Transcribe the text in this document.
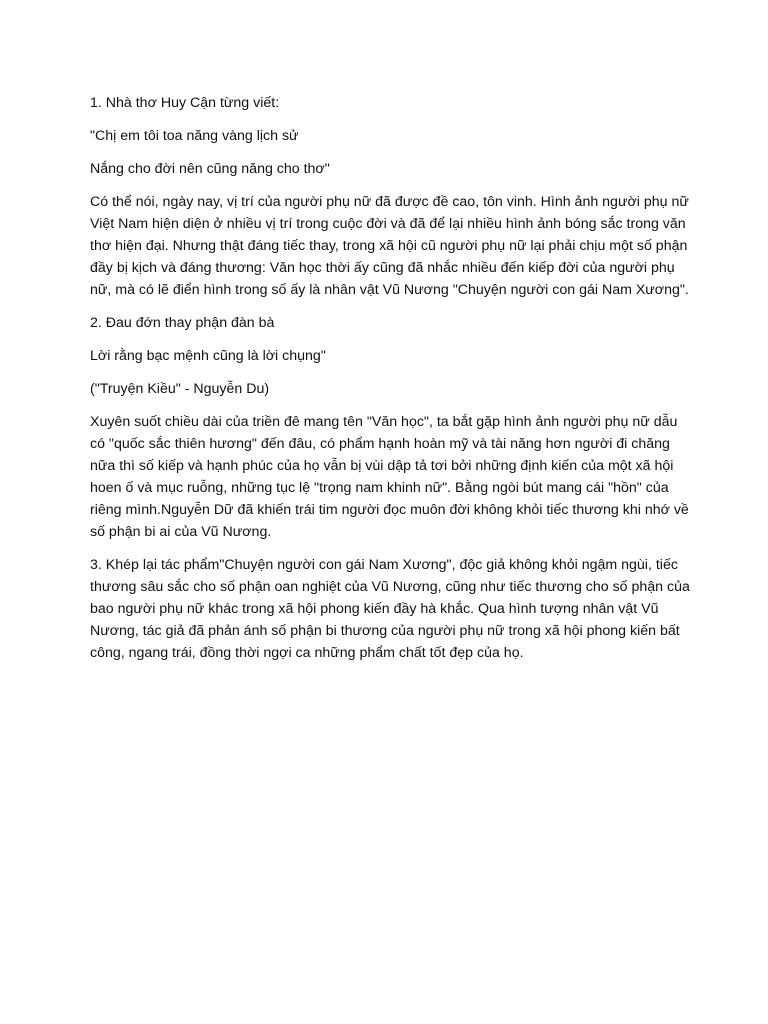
1. Nhà thơ Huy Cận từng viết:

"Chị em tôi toa năng vàng lịch sử

Nắng cho đời nên cũng năng cho thơ"

Có thể nói, ngày nay, vị trí của người phụ nữ đã được đề cao, tôn vinh. Hình ảnh người phụ nữ Việt Nam hiện diện ở nhiều vị trí trong cuộc đời và đã để lại nhiều hình ảnh bóng sắc trong văn thơ hiện đại. Nhưng thật đáng tiếc thay, trong xã hội cũ người phụ nữ lại phải chịu một số phận đầy bị kịch và đáng thương: Văn học thời ấy cũng đã nhắc nhiều đến kiếp đời của người phụ nữ, mà có lẽ điển hình trong số ấy là nhân vật Vũ Nương "Chuyện người con gái Nam Xương".

2. Đau đớn thay phận đàn bà

Lời rằng bạc mệnh cũng là lời chụng"

("Truyện Kiều" - Nguyễn Du)

Xuyên suốt chiều dài của triền đê mang tên "Văn học", ta bắt gặp hình ảnh người phụ nữ dẫu có "quốc sắc thiên hương" đến đâu, có phẩm hạnh hoàn mỹ và tài năng hơn người đi chăng nữa thì số kiếp và hạnh phúc của họ vẫn bị vùi dập tả tơi bởi những định kiến của một xã hội hoen ố và mục ruỗng, những tục lệ "trọng nam khinh nữ". Bằng ngòi bút mang cái "hồn" của riêng mình.Nguyễn Dữ đã khiến trái tim người đọc muôn đời không khỏi tiếc thương khi nhớ về số phận bi ai của Vũ Nương.

3. Khép lại tác phẩm"Chuyện người con gái Nam Xương", độc giả không khỏi ngậm ngùi, tiếc thương sâu sắc cho số phận oan nghiệt của Vũ Nương, cũng như tiếc thương cho số phận của bao người phụ nữ khác trong xã hội phong kiến đầy hà khắc. Qua hình tượng nhân vật Vũ Nương, tác giả đã phản ánh số phận bi thương của người phụ nữ trong xã hội phong kiến bất công, ngang trái, đồng thời ngợi ca những phẩm chất tốt đẹp của họ.
